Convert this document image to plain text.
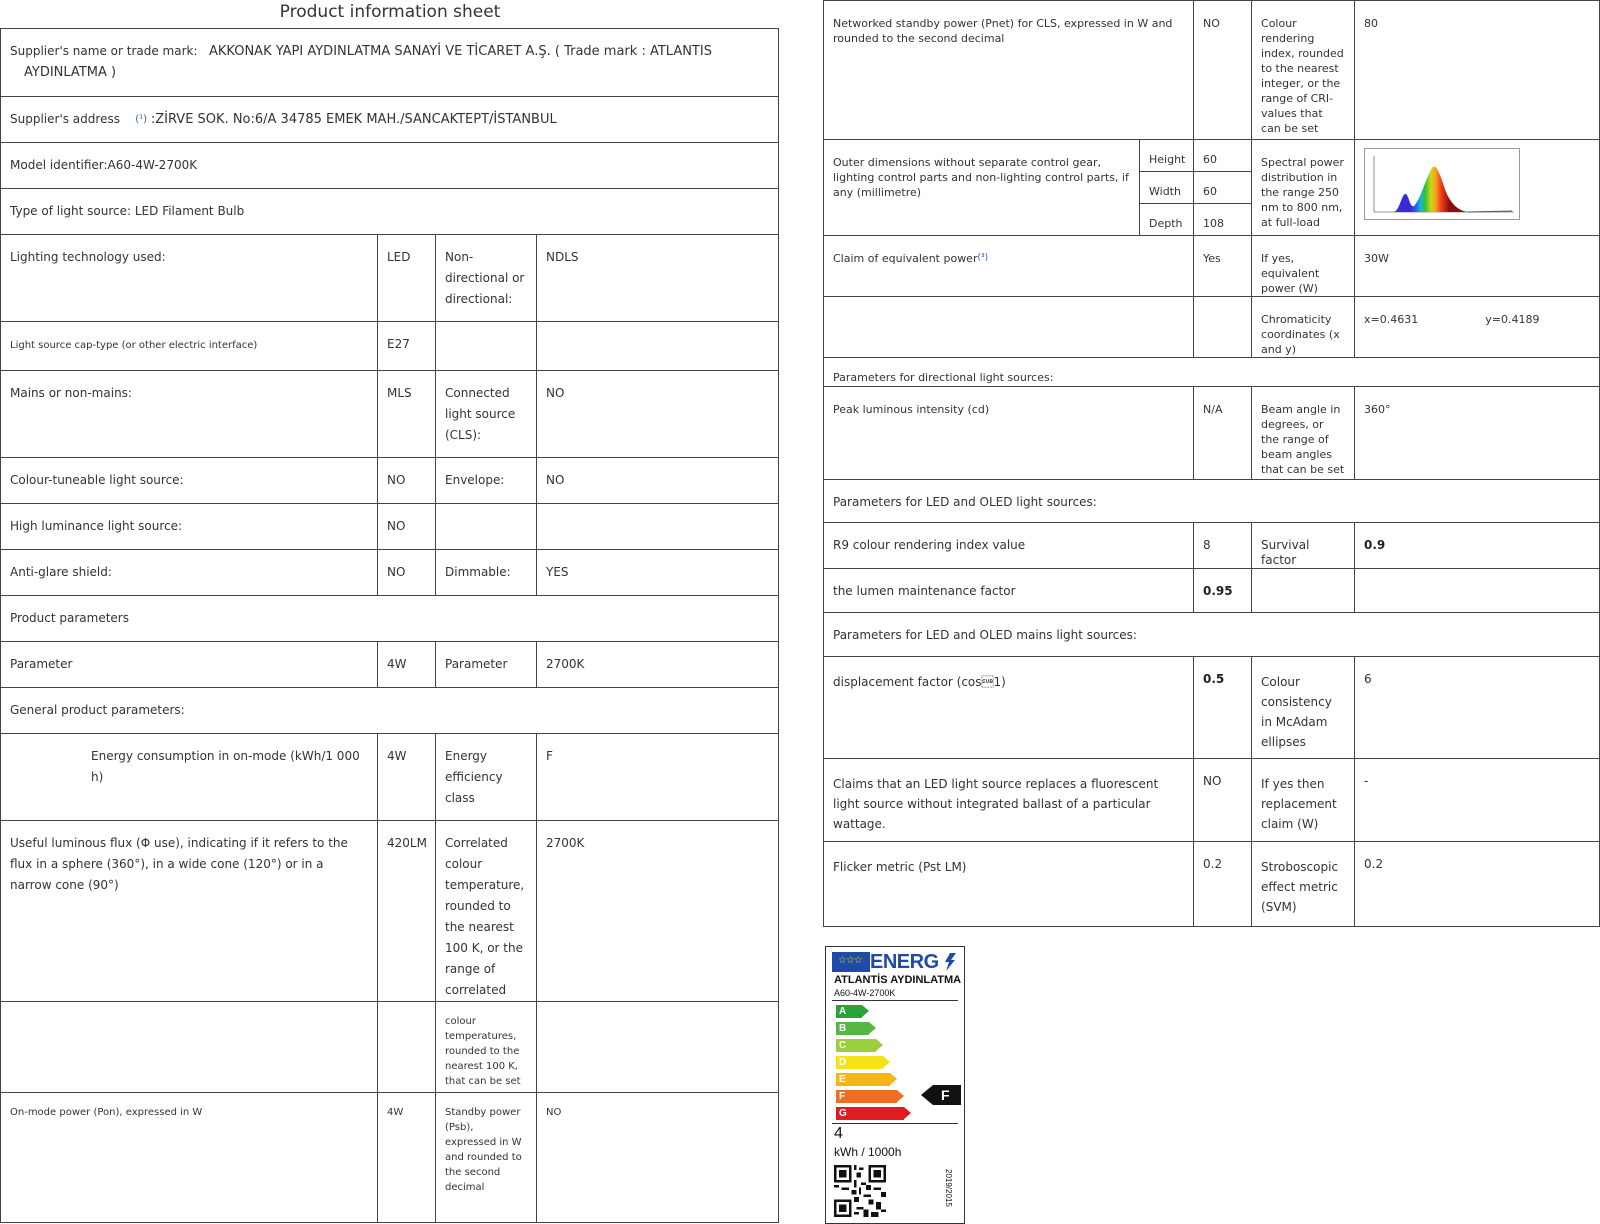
Product information sheet
Supplier's name or trade mark: AKKONAK YAPI AYDINLATMA SANAYİ VE TİCARET A.Ş. ( Trade mark : ATLANTIS
AYDINLATMA )			
Supplier's address $^{(^1)}$ :ZİRVE SOK. No:6/A 34785 EMEK MAH./SANCAKTEPT/İSTANBUL			
Model identifier:A60-4W-2700K			
Type of light source: LED Filament Bulb			
Lighting technology used:	LED	Non-directional or directional:	NDLS
Light source cap-type (or other electric interface)	E27		
Mains or non-mains:	MLS	Connected light source (CLS):	NO
Colour-tuneable light source:	NO	Envelope:	NO
High luminance light source:	NO		
Anti-glare shield:	NO	Dimmable:	YES
Product parameters			
Parameter	4W	Parameter	2700K
General product parameters:			
Energy consumption in on-mode (kWh/1 000 h)	4W	Energy efficiency class	F
Useful luminous flux (Φ use), indicating if it refers to the flux in a sphere (360°), in a wide cone (120°) or in a narrow cone (90°)	420LM	Correlated colour temperature, rounded to the nearest 100 K, or the range of correlated	2700K
		colour temperatures, rounded to the nearest 100 K, that can be set	
On-mode power (Pon), expressed in W	4W	Standby power (Psb), expressed in W and rounded to the second decimal	NO
Networked standby power (Pnet) for CLS, expressed in W and rounded to the second decimal		NO	Colour rendering index, rounded to the nearest integer, or the range of CRI-values that can be set	80
Outer dimensions without separate control gear, lighting control parts and non-lighting control parts, if any (millimetre)	Height	60	Spectral power distribution in the range 250 nm to 800 nm, at full-load	

	Width	60		
	Depth	108		
Claim of equivalent power$^{(^3)}$		Yes	If yes, equivalent power (W)	30W
			Chromaticity coordinates (x and y)	x=0.4631 y=0.4189
Parameters for directional light sources:				
Peak luminous intensity (cd)		N/A	Beam angle in degrees, or the range of beam angles that can be set	360°
Parameters for LED and OLED light sources:				
R9 colour rendering index value		8	Survival factor	0.9
the lumen maintenance factor		0.95		
Parameters for LED and OLED mains light sources:				
displacement factor (cos1)		0.5	Colour consistency in McAdam ellipses	6
Claims that an LED light source replaces a fluorescent light source without integrated ballast of a particular wattage.		NO	If yes then replacement claim (W)	-
Flicker metric (Pst LM)		0.2	Stroboscopic effect metric (SVM)	0.2
☆☆☆ ENERG
ATLANTİS AYDINLATMA
A60-4W-2700K
A
B
C
D
E
F
G
F
4
kWh / 1000h
2019/2015
